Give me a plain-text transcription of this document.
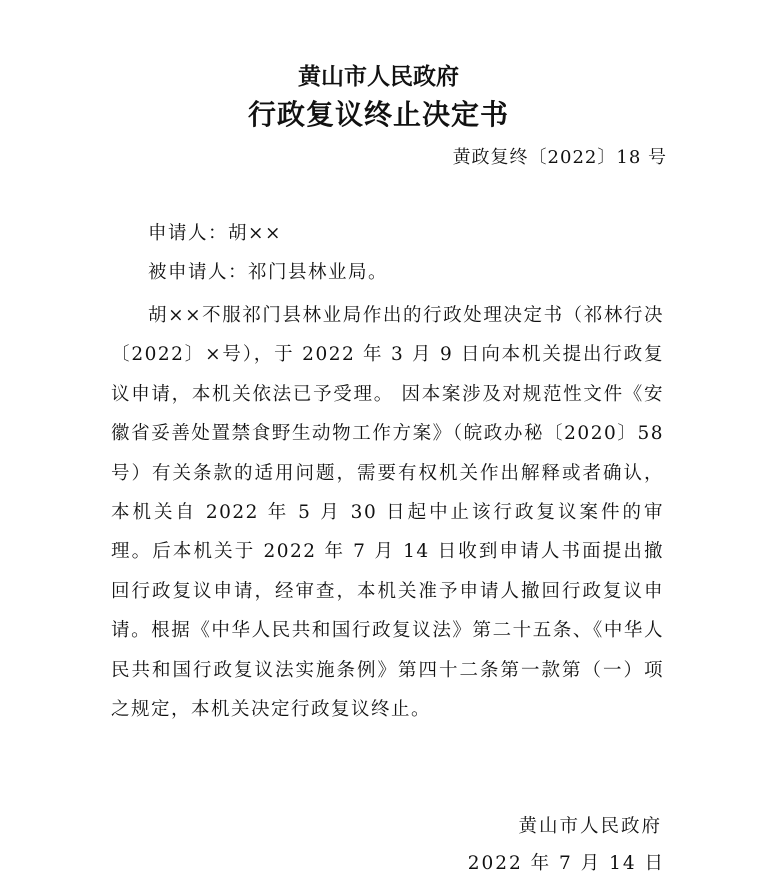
黄山市人民政府
行政复议终止决定书
黄政复终〔2022〕18 号
申请人：胡××
被申请人：祁门县林业局。

胡××不服祁门县林业局作出的行政处理决定书（祁林行决〔2022〕×号），于 2022 年 3 月 9 日向本机关提出行政复议申请，本机关依法已予受理。 因本案涉及对规范性文件《安徽省妥善处置禁食野生动物工作方案》（皖政办秘〔2020〕58号）有关条款的适用问题，需要有权机关作出解释或者确认，本机关自 2022 年 5 月 30 日起中止该行政复议案件的审理。后本机关于 2022 年 7 月 14 日收到申请人书面提出撤回行政复议申请，经审查，本机关准予申请人撤回行政复议申请。根据《中华人民共和国行政复议法》第二十五条、《中华人民共和国行政复议法实施条例》第四十二条第一款第（一）项之规定，本机关决定行政复议终止。

黄山市人民政府
2022 年 7 月 14 日
